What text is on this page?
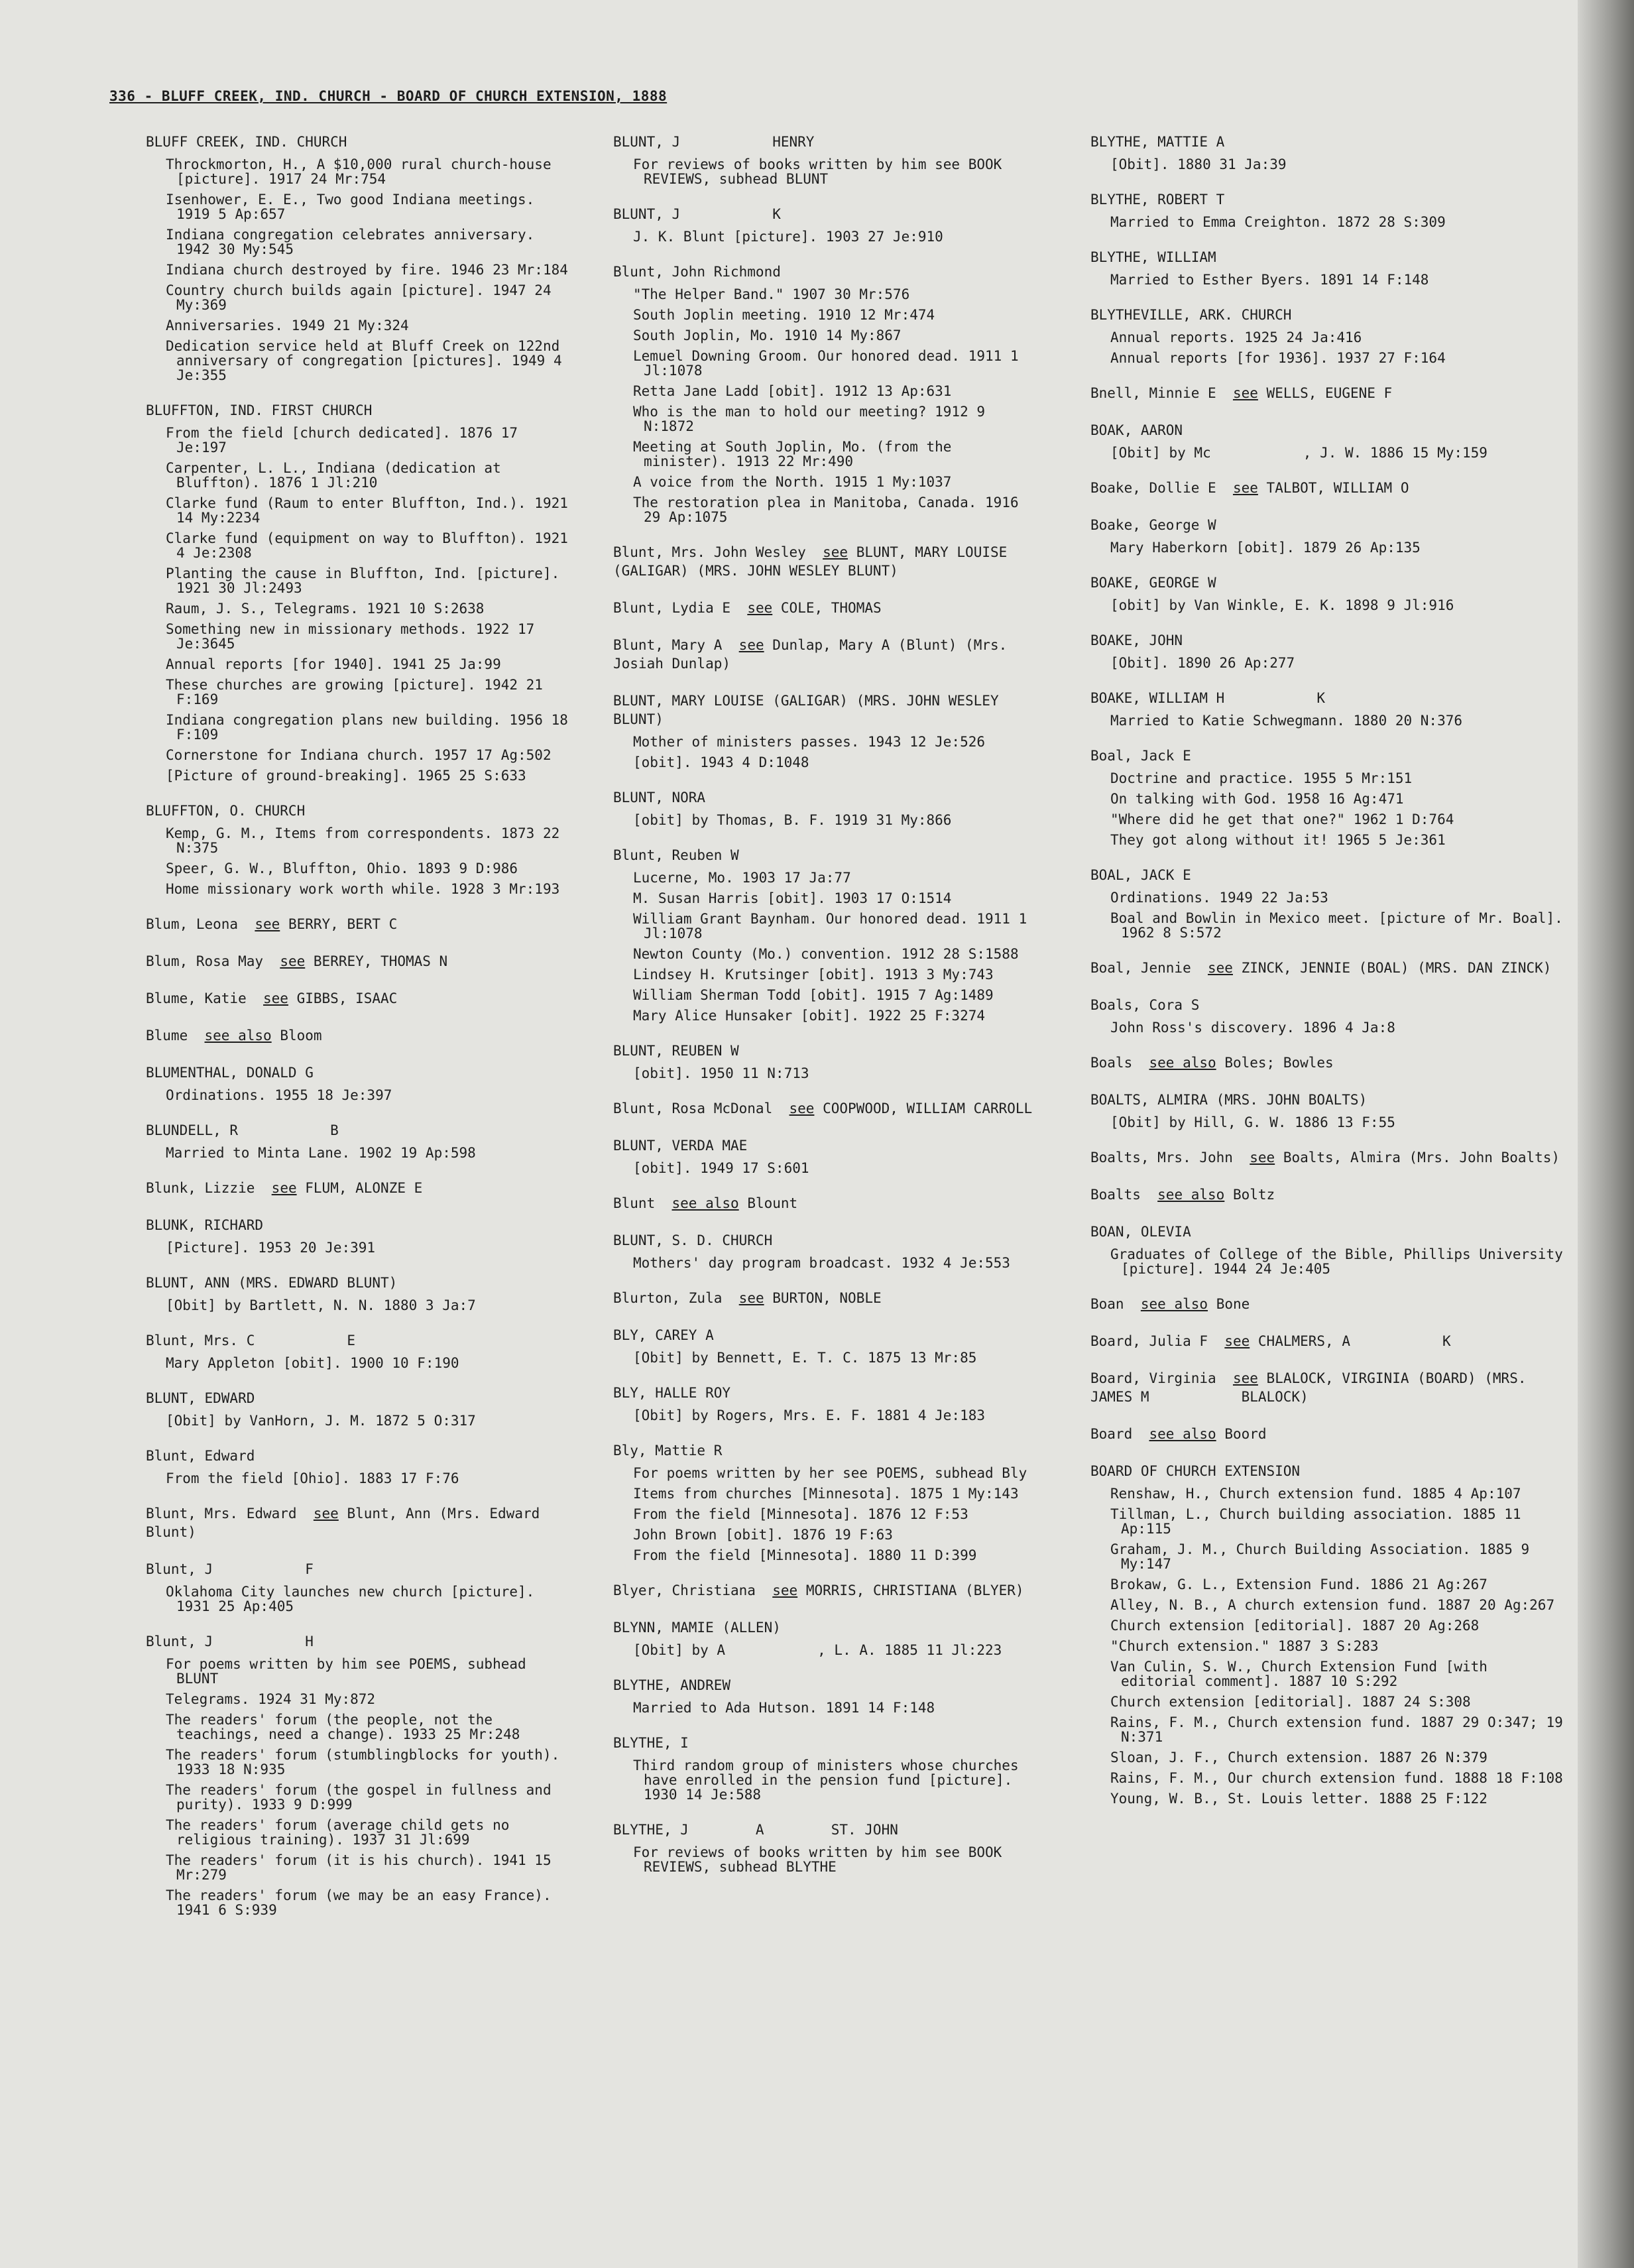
336 - BLUFF CREEK, IND. CHURCH - BOARD OF CHURCH EXTENSION, 1888
BLUFF CREEK, IND. CHURCH
Throckmorton, H., A $10,000 rural church-house [picture]. 1917 24 Mr:754
Isenhower, E. E., Two good Indiana meetings. 1919 5 Ap:657
Indiana congregation celebrates anniversary. 1942 30 My:545
Indiana church destroyed by fire. 1946 23 Mr:184
Country church builds again [picture]. 1947 24 My:369
Anniversaries. 1949 21 My:324
Dedication service held at Bluff Creek on 122nd anniversary of congregation [pictures]. 1949 4 Je:355
BLUFFTON, IND. FIRST CHURCH
From the field [church dedicated]. 1876 17 Je:197
Carpenter, L. L., Indiana (dedication at Bluffton). 1876 1 Jl:210
Clarke fund (Raum to enter Bluffton, Ind.). 1921 14 My:2234
Clarke fund (equipment on way to Bluffton). 1921 4 Je:2308
Planting the cause in Bluffton, Ind. [picture]. 1921 30 Jl:2493
Raum, J. S., Telegrams. 1921 10 S:2638
Something new in missionary methods. 1922 17 Je:3645
Annual reports [for 1940]. 1941 25 Ja:99
These churches are growing [picture]. 1942 21 F:169
Indiana congregation plans new building. 1956 18 F:109
Cornerstone for Indiana church. 1957 17 Ag:502
[Picture of ground-breaking]. 1965 25 S:633
BLUFFTON, O. CHURCH
Kemp, G. M., Items from correspondents. 1873 22 N:375
Speer, G. W., Bluffton, Ohio. 1893 9 D:986
Home missionary work worth while. 1928 3 Mr:193
Blum, Leona see BERRY, BERT C
Blum, Rosa May see BERREY, THOMAS N
Blume, Katie see GIBBS, ISAAC
Blume see also Bloom
BLUMENTHAL, DONALD G
Ordinations. 1955 18 Je:397
BLUNDELL, R           B
Married to Minta Lane. 1902 19 Ap:598
Blunk, Lizzie see FLUM, ALONZE E
BLUNK, RICHARD
[Picture]. 1953 20 Je:391
BLUNT, ANN (MRS. EDWARD BLUNT)
[Obit] by Bartlett, N. N. 1880 3 Ja:7
Blunt, Mrs. C           E
Mary Appleton [obit]. 1900 10 F:190
BLUNT, EDWARD
[Obit] by VanHorn, J. M. 1872 5 O:317
Blunt, Edward
From the field [Ohio]. 1883 17 F:76
Blunt, Mrs. Edward see Blunt, Ann (Mrs. Edward Blunt)
Blunt, J           F
Oklahoma City launches new church [picture]. 1931 25 Ap:405
Blunt, J           H
For poems written by him see POEMS, subhead BLUNT
Telegrams. 1924 31 My:872
The readers' forum (the people, not the teachings, need a change). 1933 25 Mr:248
The readers' forum (stumblingblocks for youth). 1933 18 N:935
The readers' forum (the gospel in fullness and purity). 1933 9 D:999
The readers' forum (average child gets no religious training). 1937 31 Jl:699
The readers' forum (it is his church). 1941 15 Mr:279
The readers' forum (we may be an easy France). 1941 6 S:939
BLUNT, J           HENRY
For reviews of books written by him see BOOK REVIEWS, subhead BLUNT
BLUNT, J           K
J. K. Blunt [picture]. 1903 27 Je:910
Blunt, John Richmond
"The Helper Band." 1907 30 Mr:576
South Joplin meeting. 1910 12 Mr:474
South Joplin, Mo. 1910 14 My:867
Lemuel Downing Groom. Our honored dead. 1911 1 Jl:1078
Retta Jane Ladd [obit]. 1912 13 Ap:631
Who is the man to hold our meeting? 1912 9 N:1872
Meeting at South Joplin, Mo. (from the minister). 1913 22 Mr:490
A voice from the North. 1915 1 My:1037
The restoration plea in Manitoba, Canada. 1916 29 Ap:1075
Blunt, Mrs. John Wesley see BLUNT, MARY LOUISE (GALIGAR) (MRS. JOHN WESLEY BLUNT)
Blunt, Lydia E see COLE, THOMAS
Blunt, Mary A see Dunlap, Mary A (Blunt) (Mrs. Josiah Dunlap)
BLUNT, MARY LOUISE (GALIGAR) (MRS. JOHN WESLEY BLUNT)
Mother of ministers passes. 1943 12 Je:526
[obit]. 1943 4 D:1048
BLUNT, NORA
[obit] by Thomas, B. F. 1919 31 My:866
Blunt, Reuben W
Lucerne, Mo. 1903 17 Ja:77
M. Susan Harris [obit]. 1903 17 O:1514
William Grant Baynham. Our honored dead. 1911 1 Jl:1078
Newton County (Mo.) convention. 1912 28 S:1588
Lindsey H. Krutsinger [obit]. 1913 3 My:743
William Sherman Todd [obit]. 1915 7 Ag:1489
Mary Alice Hunsaker [obit]. 1922 25 F:3274
BLUNT, REUBEN W
[obit]. 1950 11 N:713
Blunt, Rosa McDonal see COOPWOOD, WILLIAM CARROLL
BLUNT, VERDA MAE
[obit]. 1949 17 S:601
Blunt see also Blount
BLUNT, S. D. CHURCH
Mothers' day program broadcast. 1932 4 Je:553
Blurton, Zula see BURTON, NOBLE
BLY, CAREY A
[Obit] by Bennett, E. T. C. 1875 13 Mr:85
BLY, HALLE ROY
[Obit] by Rogers, Mrs. E. F. 1881 4 Je:183
Bly, Mattie R
For poems written by her see POEMS, subhead Bly
Items from churches [Minnesota]. 1875 1 My:143
From the field [Minnesota]. 1876 12 F:53
John Brown [obit]. 1876 19 F:63
From the field [Minnesota]. 1880 11 D:399
Blyer, Christiana see MORRIS, CHRISTIANA (BLYER)
BLYNN, MAMIE (ALLEN)
[Obit] by A           , L. A. 1885 11 Jl:223
BLYTHE, ANDREW
Married to Ada Hutson. 1891 14 F:148
BLYTHE, I
Third random group of ministers whose churches have enrolled in the pension fund [picture]. 1930 14 Je:588
BLYTHE, J        A        ST. JOHN
For reviews of books written by him see BOOK REVIEWS, subhead BLYTHE
BLYTHE, MATTIE A
[Obit]. 1880 31 Ja:39
BLYTHE, ROBERT T
Married to Emma Creighton. 1872 28 S:309
BLYTHE, WILLIAM
Married to Esther Byers. 1891 14 F:148
BLYTHEVILLE, ARK. CHURCH
Annual reports. 1925 24 Ja:416
Annual reports [for 1936]. 1937 27 F:164
Bnell, Minnie E see WELLS, EUGENE F
BOAK, AARON
[Obit] by Mc           , J. W. 1886 15 My:159
Boake, Dollie E see TALBOT, WILLIAM O
Boake, George W
Mary Haberkorn [obit]. 1879 26 Ap:135
BOAKE, GEORGE W
[obit] by Van Winkle, E. K. 1898 9 Jl:916
BOAKE, JOHN
[Obit]. 1890 26 Ap:277
BOAKE, WILLIAM H           K
Married to Katie Schwegmann. 1880 20 N:376
Boal, Jack E
Doctrine and practice. 1955 5 Mr:151
On talking with God. 1958 16 Ag:471
"Where did he get that one?" 1962 1 D:764
They got along without it! 1965 5 Je:361
BOAL, JACK E
Ordinations. 1949 22 Ja:53
Boal and Bowlin in Mexico meet. [picture of Mr. Boal]. 1962 8 S:572
Boal, Jennie see ZINCK, JENNIE (BOAL) (MRS. DAN ZINCK)
Boals, Cora S
John Ross's discovery. 1896 4 Ja:8
Boals see also Boles; Bowles
BOALTS, ALMIRA (MRS. JOHN BOALTS)
[Obit] by Hill, G. W. 1886 13 F:55
Boalts, Mrs. John see Boalts, Almira (Mrs. John Boalts)
Boalts see also Boltz
BOAN, OLEVIA
Graduates of College of the Bible, Phillips University [picture]. 1944 24 Je:405
Boan see also Bone
Board, Julia F see CHALMERS, A           K
Board, Virginia see BLALOCK, VIRGINIA (BOARD) (MRS. JAMES M           BLALOCK)
Board see also Boord
BOARD OF CHURCH EXTENSION
Renshaw, H., Church extension fund. 1885 4 Ap:107
Tillman, L., Church building association. 1885 11 Ap:115
Graham, J. M., Church Building Association. 1885 9 My:147
Brokaw, G. L., Extension Fund. 1886 21 Ag:267
Alley, N. B., A church extension fund. 1887 20 Ag:267
Church extension [editorial]. 1887 20 Ag:268
"Church extension." 1887 3 S:283
Van Culin, S. W., Church Extension Fund [with editorial comment]. 1887 10 S:292
Church extension [editorial]. 1887 24 S:308
Rains, F. M., Church extension fund. 1887 29 O:347; 19 N:371
Sloan, J. F., Church extension. 1887 26 N:379
Rains, F. M., Our church extension fund. 1888 18 F:108
Young, W. B., St. Louis letter. 1888 25 F:122
